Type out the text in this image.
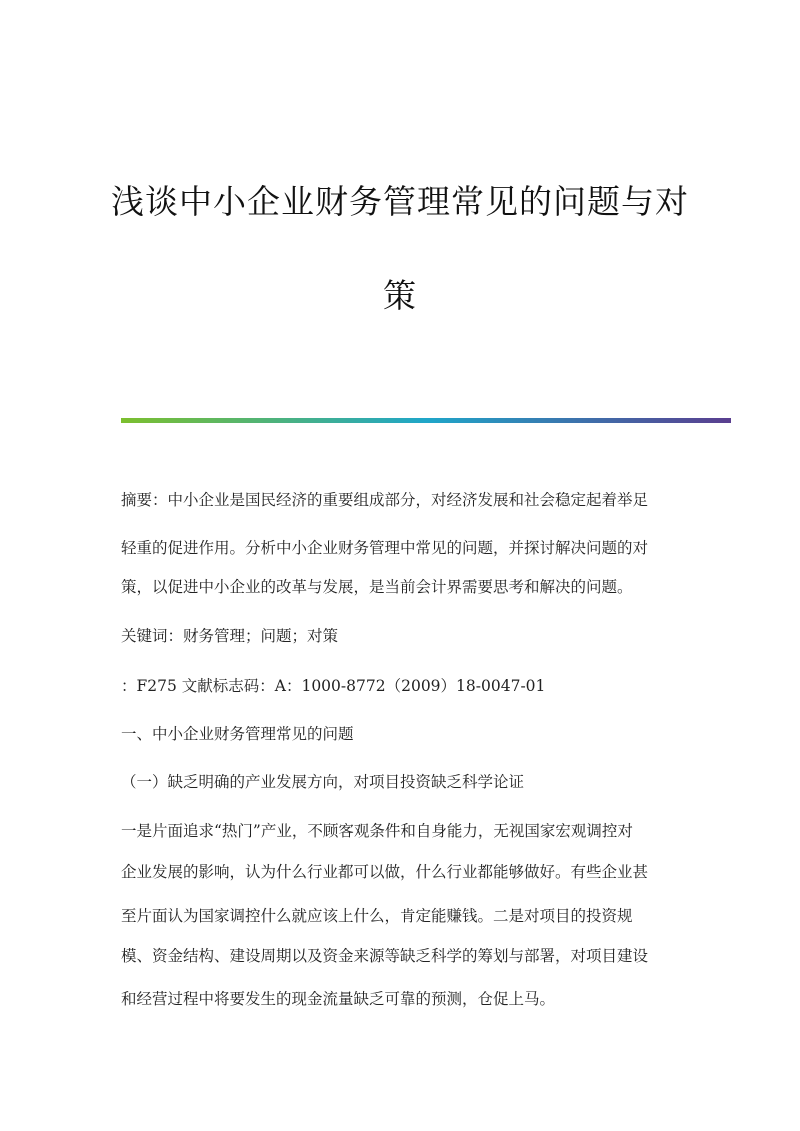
浅谈中小企业财务管理常见的问题与对
策
摘要：中小企业是国民经济的重要组成部分，对经济发展和社会稳定起着举足
轻重的促进作用。分析中小企业财务管理中常见的问题，并探讨解决问题的对
策，以促进中小企业的改革与发展，是当前会计界需要思考和解决的问题。
关键词：财务管理；问题；对策
：F275 文献标志码：A：1000-8772（2009）18-0047-01
一、中小企业财务管理常见的问题
（一）缺乏明确的产业发展方向，对项目投资缺乏科学论证
一是片面追求“热门”产业，不顾客观条件和自身能力，无视国家宏观调控对
企业发展的影响，认为什么行业都可以做，什么行业都能够做好。有些企业甚
至片面认为国家调控什么就应该上什么，肯定能赚钱。二是对项目的投资规
模、资金结构、建设周期以及资金来源等缺乏科学的筹划与部署，对项目建设
和经营过程中将要发生的现金流量缺乏可靠的预测，仓促上马。
